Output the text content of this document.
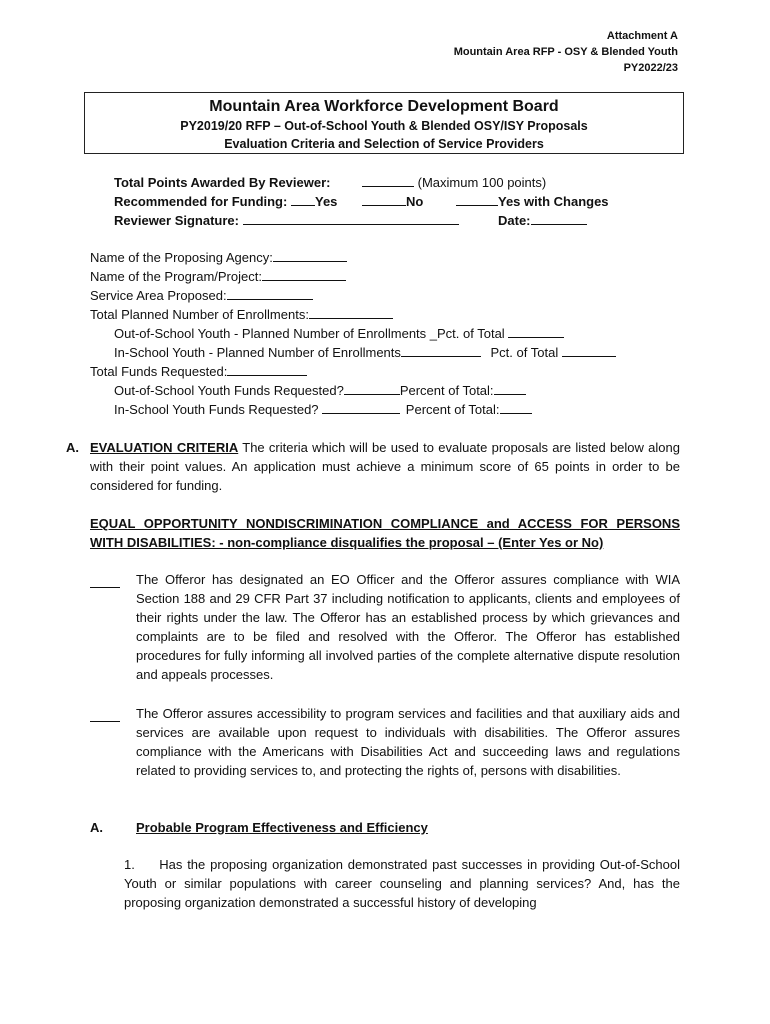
Attachment A
Mountain Area RFP - OSY & Blended Youth
PY2022/23
Mountain Area Workforce Development Board
PY2019/20 RFP – Out-of-School Youth & Blended OSY/ISY Proposals
Evaluation Criteria and Selection of Service Providers
Total Points Awarded By Reviewer:	(Maximum 100 points)
Recommended for Funding:	Yes	No	Yes with Changes
Reviewer Signature:	Date:
Name of the Proposing Agency:
Name of the Program/Project:
Service Area Proposed:
Total Planned Number of Enrollments:
Out-of-School Youth - Planned Number of Enrollments _Pct. of Total
In-School Youth - Planned Number of Enrollments	Pct. of Total
Total Funds Requested:
Out-of-School Youth Funds Requested?	Percent of Total:
In-School Youth Funds Requested?	Percent of Total:
A. EVALUATION CRITERIA The criteria which will be used to evaluate proposals are listed below along with their point values. An application must achieve a minimum score of 65 points in order to be considered for funding.
EQUAL OPPORTUNITY NONDISCRIMINATION COMPLIANCE and ACCESS FOR PERSONS WITH DISABILITIES: - non-compliance disqualifies the proposal – (Enter Yes or No)
The Offeror has designated an EO Officer and the Offeror assures compliance with WIA Section 188 and 29 CFR Part 37 including notification to applicants, clients and employees of their rights under the law. The Offeror has an established process by which grievances and complaints are to be filed and resolved with the Offeror. The Offeror has established procedures for fully informing all involved parties of the complete alternative dispute resolution and appeals processes.
The Offeror assures accessibility to program services and facilities and that auxiliary aids and services are available upon request to individuals with disabilities. The Offeror assures compliance with the Americans with Disabilities Act and succeeding laws and regulations related to providing services to, and protecting the rights of, persons with disabilities.
A.	Probable Program Effectiveness and Efficiency
1. Has the proposing organization demonstrated past successes in providing Out-of-School Youth or similar populations with career counseling and planning services? And, has the proposing organization demonstrated a successful history of developing
